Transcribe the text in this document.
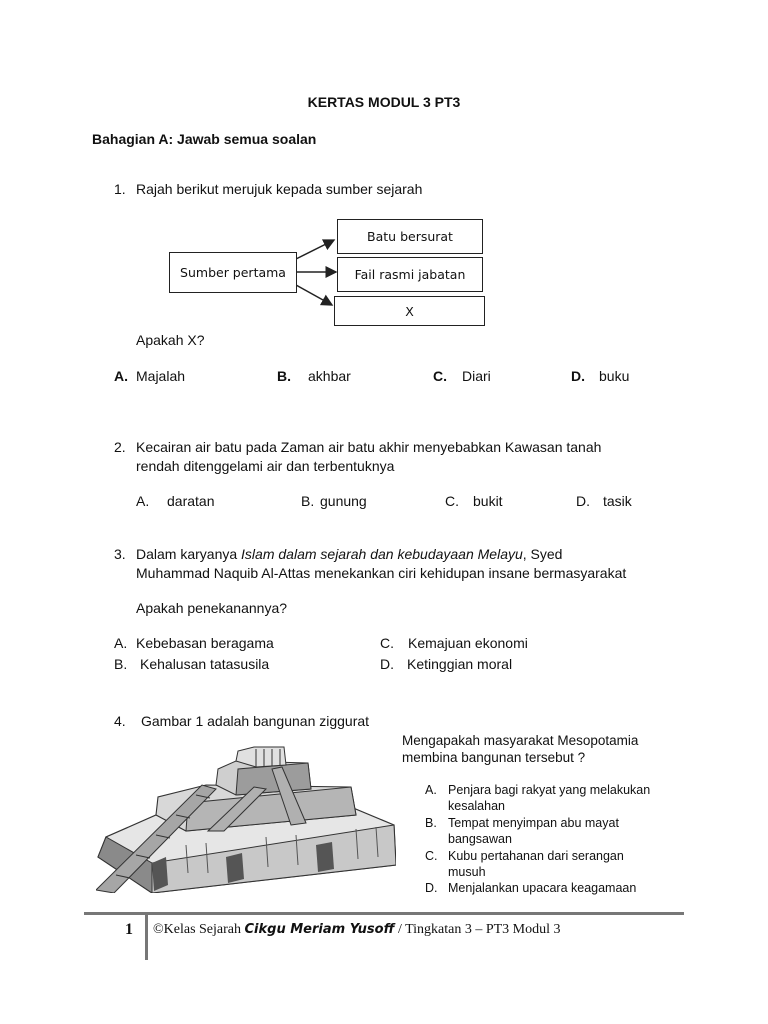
KERTAS MODUL 3 PT3
Bahagian A: Jawab semua soalan
1. Rajah berikut merujuk kepada sumber sejarah
Sumber pertama
Batu bersurat
Fail rasmi jabatan
X
Apakah X?
A. Majalah	B. akhbar	C. Diari	D. buku
2. Kecairan air batu pada Zaman air batu akhir menyebabkan Kawasan tanah
rendah ditenggelami air dan terbentuknya
A. daratan	B. gunung	C. bukit	D. tasik
3. Dalam karyanya Islam dalam sejarah dan kebudayaan Melayu, Syed
Muhammad Naquib Al-Attas menekankan ciri kehidupan insane bermasyarakat
Apakah penekanannya?
A. Kebebasan beragama
B. Kehalusan tatasusila
C. Kemajuan ekonomi
D. Ketinggian moral
4. Gambar 1 adalah bangunan ziggurat
Mengapakah masyarakat Mesopotamia
membina bangunan tersebut ?
A. Penjara bagi rakyat yang melakukan
kesalahan
B. Tempat menyimpan abu mayat
bangsawan
C. Kubu pertahanan dari serangan
musuh
D. Menjalankan upacara keagamaan
1 ©Kelas Sejarah Cikgu Meriam Yusoff / Tingkatan 3 – PT3 Modul 3
